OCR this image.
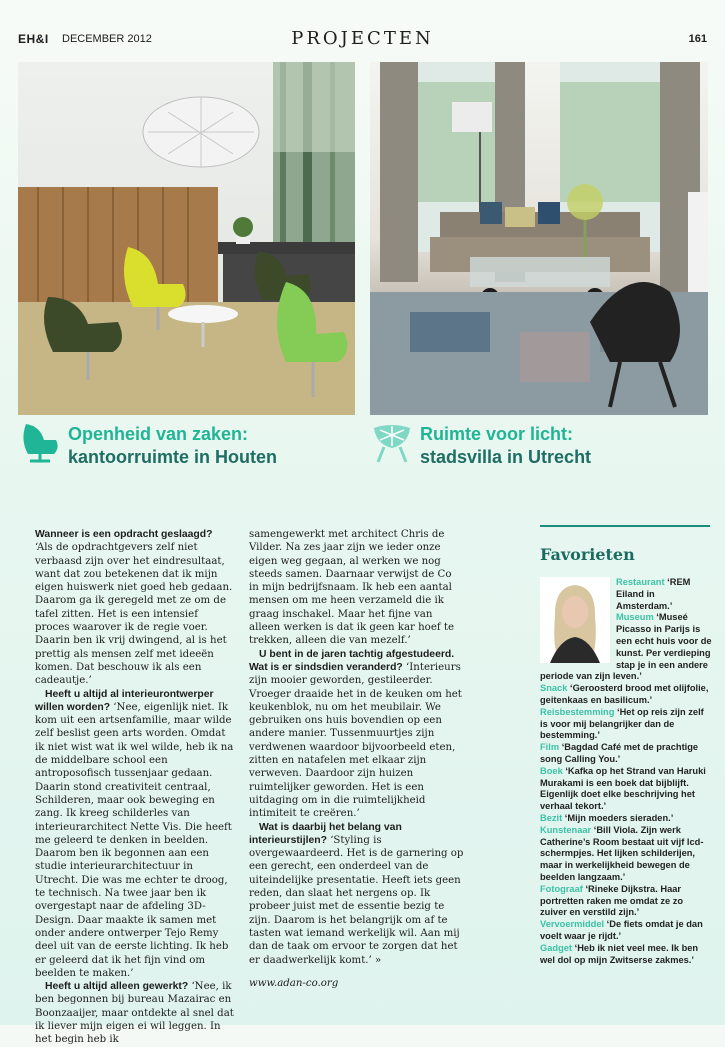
EH&I DECEMBER 2012	PROJECTEN	161
Openheid van zaken:
kantoorruimte in Houten
Ruimte voor licht:
stadsvilla in Utrecht

Wanneer is een opdracht geslaagd?

‘Als de opdrachtgevers zelf niet verbaasd zijn over het eindresultaat, want dat zou betekenen dat ik mijn eigen huiswerk niet goed heb gedaan. Daarom ga ik geregeld met ze om de tafel zitten. Het is een intensief proces waarover ik de regie voer. Daarin ben ik vrij dwingend, al is het prettig als mensen zelf met ideeën komen. Dat beschouw ik als een cadeautje.’

Heeft u altijd al interieurontwerper willen worden? ‘Nee, eigenlijk niet. Ik kom uit een artsenfamilie, maar wilde zelf beslist geen arts worden. Omdat ik niet wist wat ik wel wilde, heb ik na de middelbare school een antroposofisch tussenjaar gedaan. Daarin stond creativiteit centraal, Schilderen, maar ook beweging en zang. Ik kreeg schilderles van interieurarchitect Nette Vis. Die heeft me geleerd te denken in beelden. Daarom ben ik begonnen aan een studie interieurarchitectuur in Utrecht. Die was me echter te droog, te technisch. Na twee jaar ben ik overgestapt naar de afdeling 3D-Design. Daar maakte ik samen met onder andere ontwerper Tejo Remy deel uit van de eerste lichting. Ik heb er geleerd dat ik het fijn vind om beelden te maken.’

Heeft u altijd alleen gewerkt? ‘Nee, ik ben begonnen bij bureau Mazairac en Boonzaaijer, maar ontdekte al snel dat ik liever mijn eigen ei wil leggen. In het begin heb ik

samengewerkt met architect Chris de Vilder. Na zes jaar zijn we ieder onze eigen weg gegaan, al werken we nog steeds samen. Daarnaar verwijst de Co in mijn bedrijfsnaam. Ik heb een aantal mensen om me heen verzameld die ik graag inschakel. Maar het fijne van alleen werken is dat ik geen kar hoef te trekken, alleen die van mezelf.’

U bent in de jaren tachtig afgestudeerd. Wat is er sindsdien veranderd? ‘Interieurs zijn mooier geworden, gestileerder. Vroeger draaide het in de keuken om het keukenblok, nu om het meubilair. We gebruiken ons huis bovendien op een andere manier. Tussenmuurtjes zijn verdwenen waardoor bijvoorbeeld eten, zitten en natafelen met elkaar zijn verweven. Daardoor zijn huizen ruimtelijker geworden. Het is een uitdaging om in die ruimtelijkheid intimiteit te creëren.’

Wat is daarbij het belang van interieurstijlen? ‘Styling is overgewaardeerd. Het is de garnering op een gerecht, een onderdeel van de uiteindelijke presentatie. Heeft iets geen reden, dan slaat het nergens op. Ik probeer juist met de essentie bezig te zijn. Daarom is het belangrijk om af te tasten wat iemand werkelijk wil. Aan mij dan de taak om ervoor te zorgen dat het er daadwerkelijk komt.’ »

www.adan-co.org

Favorieten
Restaurant ‘REM Eiland in Amsterdam.’
Museum ‘Museé Picasso in Parijs is een echt huis voor de kunst. Per verdieping stap je in een andere periode van zijn leven.’
Snack ‘Geroosterd brood met olijfolie, geitenkaas en basilicum.’
Reisbestemming ‘Het op reis zijn zelf is voor mij belangrijker dan de bestemming.’
Film ‘Bagdad Café met de prachtige song Calling You.’
Boek ‘Kafka op het Strand van Haruki Murakami is een boek dat bijblijft. Eigenlijk doet elke beschrijving het verhaal tekort.’
Bezit ‘Mijn moeders sieraden.’
Kunstenaar ‘Bill Viola. Zijn werk Catherine’s Room bestaat uit vijf lcd-schermpjes. Het lijken schilderijen, maar in werkelijkheid bewegen de beelden langzaam.’
Fotograaf ‘Rineke Dijkstra. Haar portretten raken me omdat ze zo zuiver en verstild zijn.’
Vervoermiddel ‘De fiets omdat je dan voelt waar je rijdt.’
Gadget ‘Heb ik niet veel mee. Ik ben wel dol op mijn Zwitserse zakmes.’
